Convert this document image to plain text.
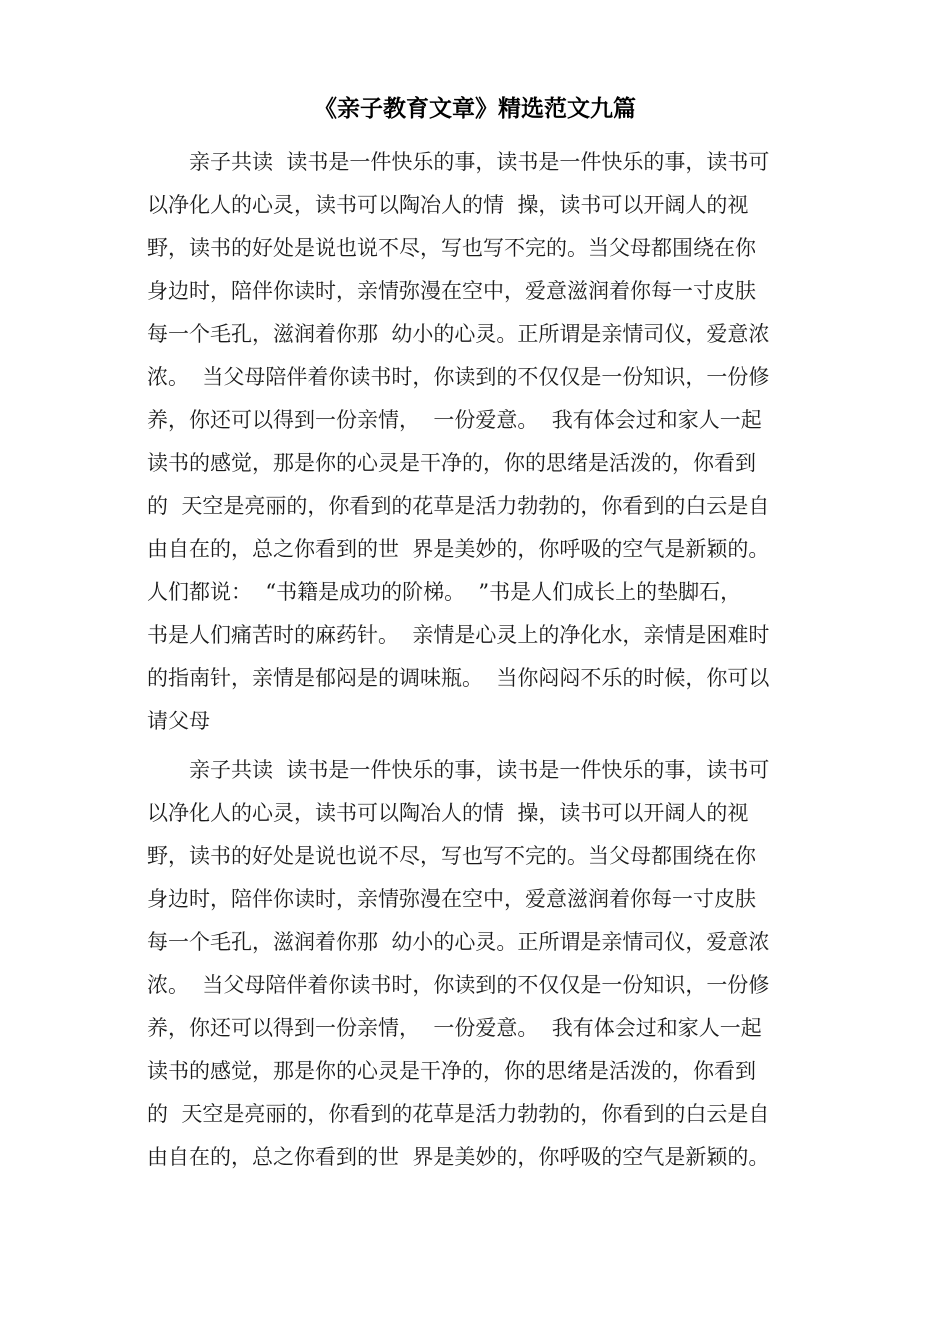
《亲子教育文章》精选范文九篇
亲子共读  读书是一件快乐的事，读书是一件快乐的事，读书可
以净化人的心灵，读书可以陶冶人的情  操，读书可以开阔人的视
野，读书的好处是说也说不尽，写也写不完的。当父母都围绕在你
身边时，陪伴你读时，亲情弥漫在空中，爱意滋润着你每一寸皮肤
每一个毛孔，滋润着你那  幼小的心灵。正所谓是亲情司仪，爱意浓
浓。  当父母陪伴着你读书时，你读到的不仅仅是一份知识，一份修
养，你还可以得到一份亲情，  一份爱意。  我有体会过和家人一起
读书的感觉，那是你的心灵是干净的，你的思绪是活泼的，你看到
的  天空是亮丽的，你看到的花草是活力勃勃的，你看到的白云是自
由自在的，总之你看到的世  界是美妙的，你呼吸的空气是新颖的。
人们都说：  “书籍是成功的阶梯。  ”书是人们成长上的垫脚石，
书是人们痛苦时的麻药针。  亲情是心灵上的净化水，亲情是困难时
的指南针，亲情是郁闷是的调味瓶。  当你闷闷不乐的时候，你可以
请父母
亲子共读  读书是一件快乐的事，读书是一件快乐的事，读书可
以净化人的心灵，读书可以陶冶人的情  操，读书可以开阔人的视
野，读书的好处是说也说不尽，写也写不完的。当父母都围绕在你
身边时，陪伴你读时，亲情弥漫在空中，爱意滋润着你每一寸皮肤
每一个毛孔，滋润着你那  幼小的心灵。正所谓是亲情司仪，爱意浓
浓。  当父母陪伴着你读书时，你读到的不仅仅是一份知识，一份修
养，你还可以得到一份亲情，  一份爱意。  我有体会过和家人一起
读书的感觉，那是你的心灵是干净的，你的思绪是活泼的，你看到
的  天空是亮丽的，你看到的花草是活力勃勃的，你看到的白云是自
由自在的，总之你看到的世  界是美妙的，你呼吸的空气是新颖的。
